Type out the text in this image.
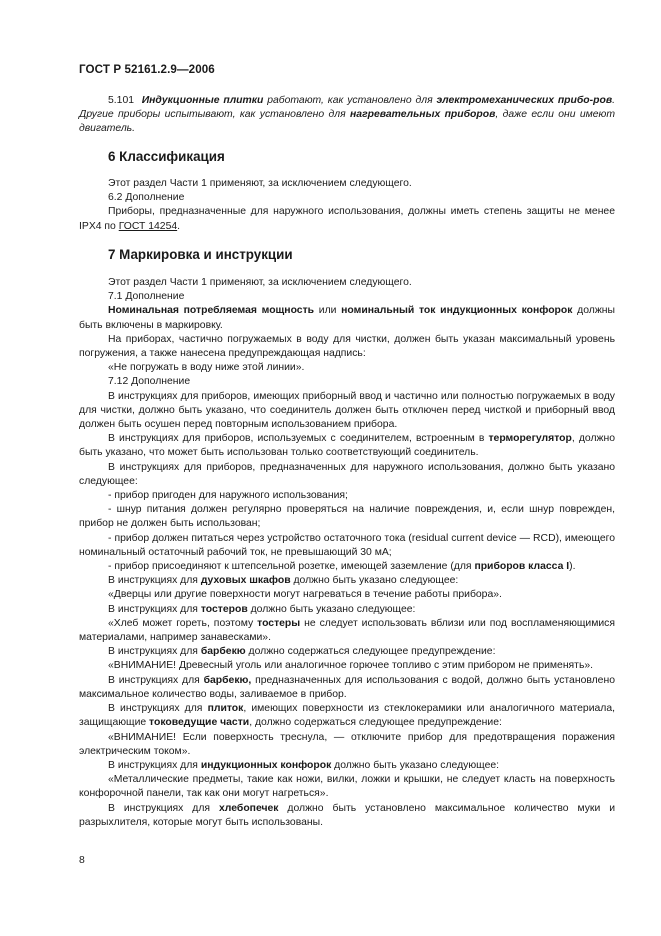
ГОСТ Р 52161.2.9—2006

5.101 Индукционные плитки работают, как установлено для электромеханических прибо-ров. Другие приборы испытывают, как установлено для нагревательных приборов, даже если они имеют двигатель.

6 Классификация

Этот раздел Части 1 применяют, за исключением следующего.

6.2 Дополнение

Приборы, предназначенные для наружного использования, должны иметь степень защиты не менее IPX4 по ГОСТ 14254.

7 Маркировка и инструкции

Этот раздел Части 1 применяют, за исключением следующего.

7.1 Дополнение

Номинальная потребляемая мощность или номинальный ток индукционных конфорок должны быть включены в маркировку.

На приборах, частично погружаемых в воду для чистки, должен быть указан максимальный уровень погружения, а также нанесена предупреждающая надпись:

«Не погружать в воду ниже этой линии».

7.12 Дополнение

В инструкциях для приборов, имеющих приборный ввод и частично или полностью погружаемых в воду для чистки, должно быть указано, что соединитель должен быть отключен перед чисткой и приборный ввод должен быть осушен перед повторным использованием прибора.

В инструкциях для приборов, используемых с соединителем, встроенным в терморегулятор, должно быть указано, что может быть использован только соответствующий соединитель.

В инструкциях для приборов, предназначенных для наружного использования, должно быть указано следующее:

- прибор пригоден для наружного использования;

- шнур питания должен регулярно проверяться на наличие повреждения, и, если шнур поврежден, прибор не должен быть использован;

- прибор должен питаться через устройство остаточного тока (residual current device — RCD), имеющего номинальный остаточный рабочий ток, не превышающий 30 мА;

- прибор присоединяют к штепсельной розетке, имеющей заземление (для приборов класса I).

В инструкциях для духовых шкафов должно быть указано следующее:

«Дверцы или другие поверхности могут нагреваться в течение работы прибора».

В инструкциях для тостеров должно быть указано следующее:

«Хлеб может гореть, поэтому тостеры не следует использовать вблизи или под воспламеняющимися материалами, например занавесками».

В инструкциях для барбекю должно содержаться следующее предупреждение:

«ВНИМАНИЕ! Древесный уголь или аналогичное горючее топливо с этим прибором не применять».

В инструкциях для барбекю, предназначенных для использования с водой, должно быть установлено максимальное количество воды, заливаемое в прибор.

В инструкциях для плиток, имеющих поверхности из стеклокерамики или аналогичного материала, защищающие токоведущие части, должно содержаться следующее предупреждение:

«ВНИМАНИЕ! Если поверхность треснула, — отключите прибор для предотвращения поражения электрическим током».

В инструкциях для индукционных конфорок должно быть указано следующее:

«Металлические предметы, такие как ножи, вилки, ложки и крышки, не следует класть на поверхность конфорочной панели, так как они могут нагреться».

В инструкциях для хлебопечек должно быть установлено максимальное количество муки и разрыхлителя, которые могут быть использованы.

8
